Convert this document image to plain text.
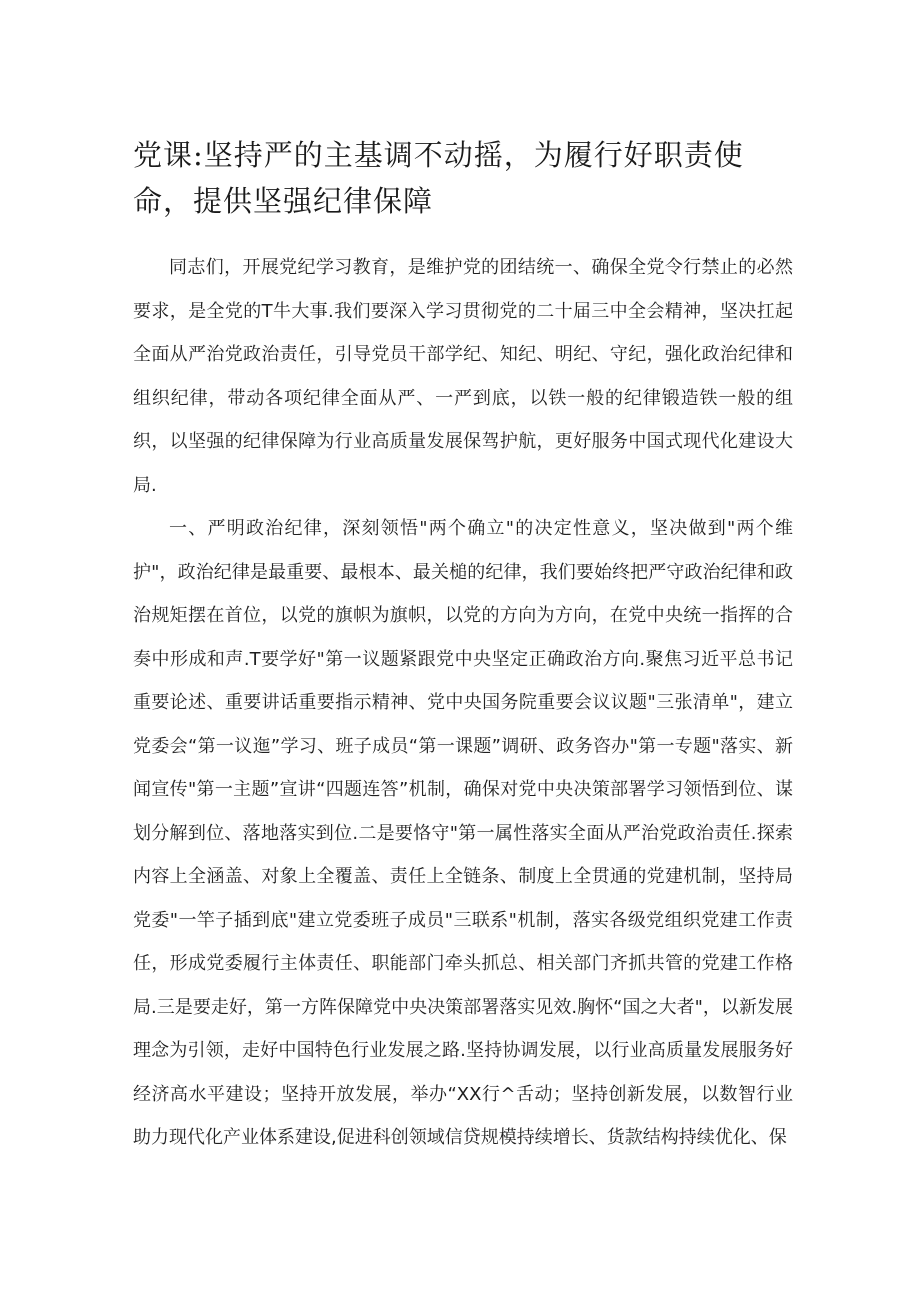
党课:坚持严的主基调不动摇，为履行好职责使命，提供坚强纪律保障

同志们，开展党纪学习教育，是维护党的团结统一、确保全党令行禁止的必然要求，是全党的T牛大事.我们要深入学习贯彻党的二十届三中全会精神，坚决扛起全面从严治党政治责任，引导党员干部学纪、知纪、明纪、守纪，强化政治纪律和组织纪律，带动各项纪律全面从严、一严到底，以铁一般的纪律锻造铁一般的组织，以坚强的纪律保障为行业高质量发展保驾护航，更好服务中国式现代化建设大局.

一、严明政治纪律，深刻领悟"两个确立"的决定性意义，坚决做到"两个维护"，政治纪律是最重要、最根本、最关槌的纪律，我们要始终把严守政治纪律和政治规矩摆在首位，以党的旗帜为旗帜，以党的方向为方向，在党中央统一指挥的合奏中形成和声.T要学好"第一议题紧跟党中央坚定正确政治方向.聚焦习近平总书记重要论述、重要讲话重要指示精神、党中央国务院重要会议议题"三张清单"，建立党委会“第一议迤”学习、班子成员“第一课题”调研、政务咨办"第一专题"落实、新闻宣传"第一主题”宣讲“四题连答”机制，确保对党中央决策部署学习领悟到位、谋划分解到位、落地落实到位.二是要恪守"第一属性落实全面从严治党政治责任.探索内容上全涵盖、对象上全覆盖、责任上全链条、制度上全贯通的党建机制，坚持局党委"一竿子插到底"建立党委班子成员"三联系"机制，落实各级党组织党建工作责任，形成党委履行主体责任、职能部门牵头抓总、相关部门齐抓共管的党建工作格局.三是要走好，第一方阵保障党中央决策部署落实见效.胸怀“国之大者"，以新发展理念为引领，走好中国特色行业发展之路.坚持协调发展，以行业高质量发展服务好经济高水平建设；坚持开放发展，举办“XX行^舌动；坚持创新发展，以数智行业助力现代化产业体系建设,促进科创领域信贷规模持续增长、货款结构持续优化、保
